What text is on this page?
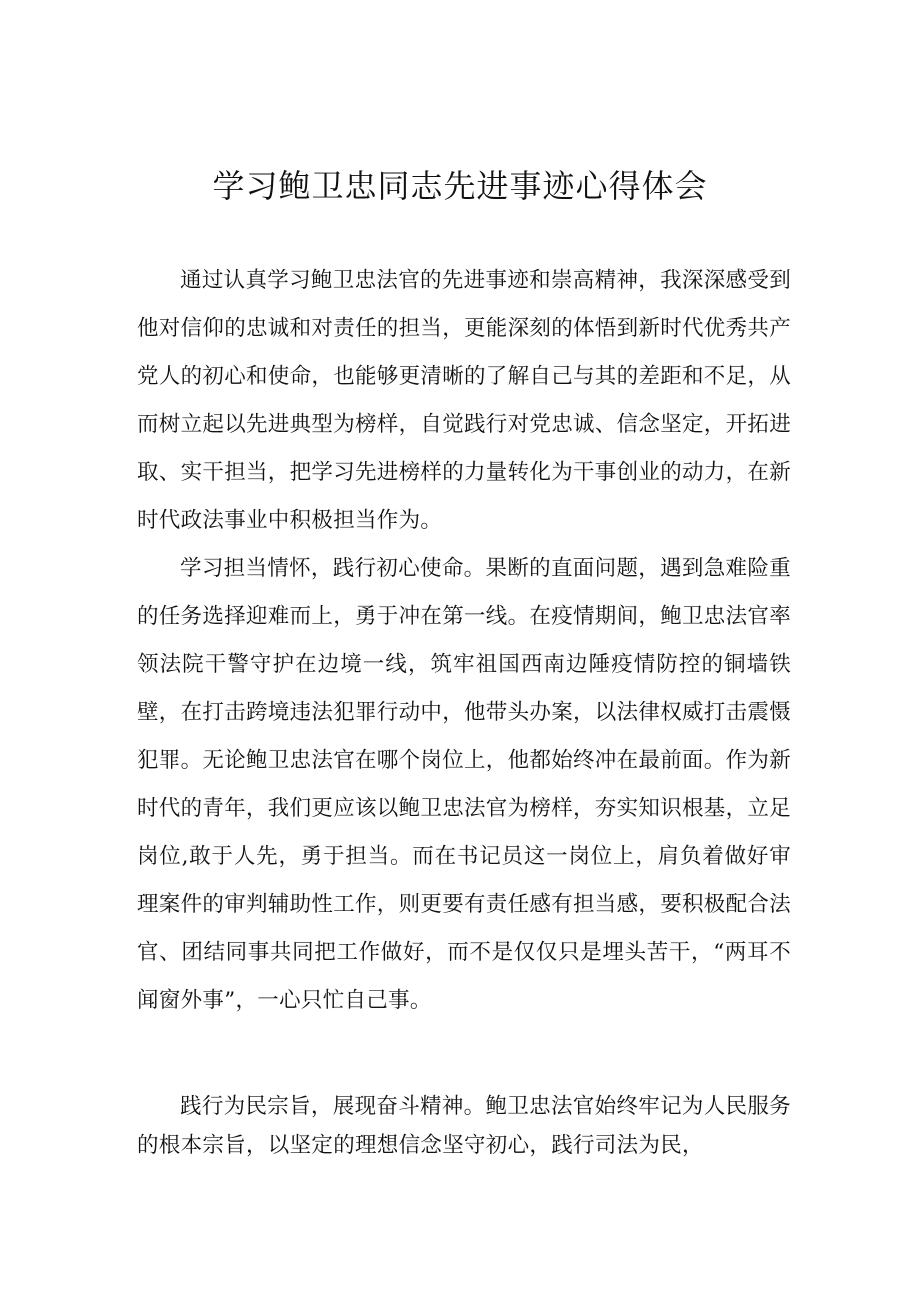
学习鲍卫忠同志先进事迹心得体会

通过认真学习鲍卫忠法官的先进事迹和崇高精神，我深深感受到他对信仰的忠诚和对责任的担当，更能深刻的体悟到新时代优秀共产党人的初心和使命，也能够更清晰的了解自己与其的差距和不足，从而树立起以先进典型为榜样，自觉践行对党忠诚、信念坚定，开拓进取、实干担当，把学习先进榜样的力量转化为干事创业的动力，在新时代政法事业中积极担当作为。

学习担当情怀，践行初心使命。果断的直面问题，遇到急难险重的任务选择迎难而上，勇于冲在第一线。在疫情期间，鲍卫忠法官率领法院干警守护在边境一线，筑牢祖国西南边陲疫情防控的铜墙铁壁，在打击跨境违法犯罪行动中，他带头办案，以法律权威打击震慑犯罪。无论鲍卫忠法官在哪个岗位上，他都始终冲在最前面。作为新时代的青年，我们更应该以鲍卫忠法官为榜样，夯实知识根基，立足岗位,敢于人先，勇于担当。而在书记员这一岗位上，肩负着做好审理案件的审判辅助性工作，则更要有责任感有担当感，要积极配合法官、团结同事共同把工作做好，而不是仅仅只是埋头苦干，“两耳不闻窗外事”，一心只忙自己事。

践行为民宗旨，展现奋斗精神。鲍卫忠法官始终牢记为人民服务的根本宗旨，以坚定的理想信念坚守初心，践行司法为民，
